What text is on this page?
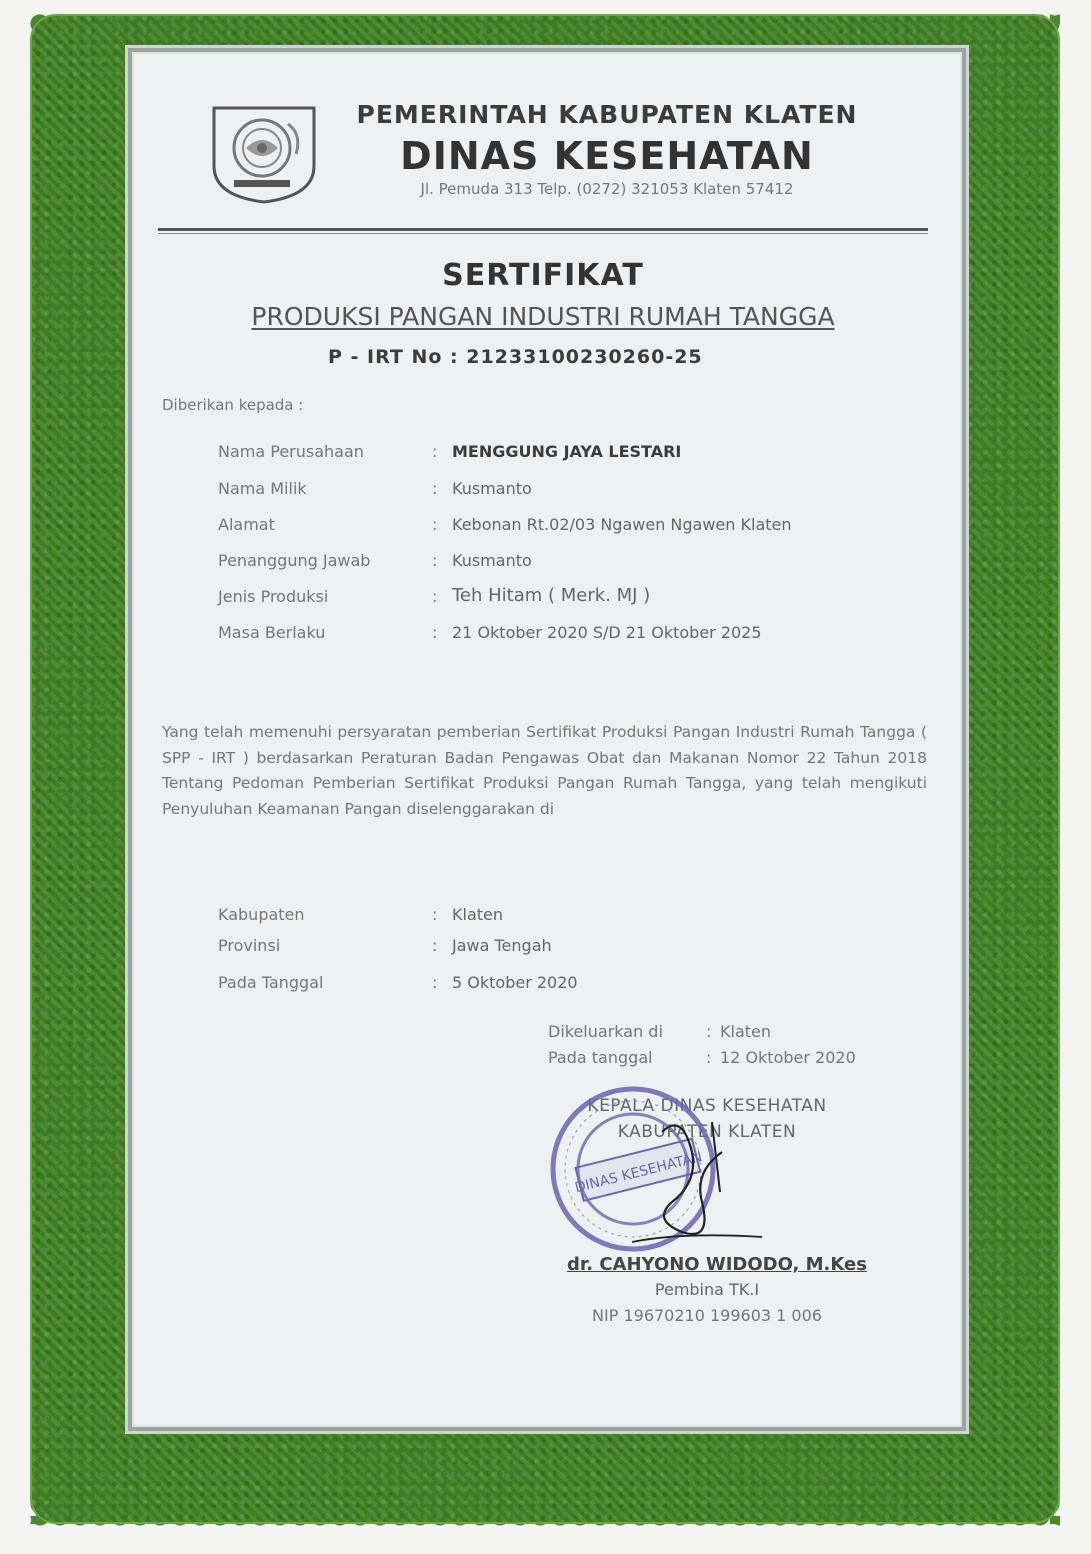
PEMERINTAH KABUPATEN KLATEN
DINAS KESEHATAN
Jl. Pemuda 313 Telp. (0272) 321053 Klaten 57412
SERTIFIKAT
PRODUKSI PANGAN INDUSTRI RUMAH TANGGA
P - IRT No : 21233100230260-25
Diberikan kepada :
Nama Perusahaan	: MENGGUNG JAYA LESTARI
Nama Milik	: Kusmanto
Alamat	: Kebonan Rt.02/03 Ngawen Ngawen Klaten
Penanggung Jawab	: Kusmanto
Jenis Produksi	: Teh Hitam ( Merk. MJ )
Masa Berlaku	: 21 Oktober 2020 S/D 21 Oktober 2025
Yang telah memenuhi persyaratan pemberian Sertifikat Produksi Pangan Industri Rumah Tangga ( SPP - IRT ) berdasarkan Peraturan Badan Pengawas Obat dan Makanan Nomor 22 Tahun 2018 Tentang Pedoman Pemberian Sertifikat Produksi Pangan Rumah Tangga, yang telah mengikuti Penyuluhan Keamanan Pangan diselenggarakan di
Kabupaten	: Klaten
Provinsi	: Jawa Tengah
Pada Tanggal	: 5 Oktober 2020
Dikeluarkan di	: Klaten
Pada tanggal	: 12 Oktober 2020
KEPALA DINAS KESEHATAN
KABUPATEN KLATEN
DINAS KESEHATAN
dr. CAHYONO WIDODO, M.Kes
Pembina TK.I
NIP 19670210 199603 1 006
